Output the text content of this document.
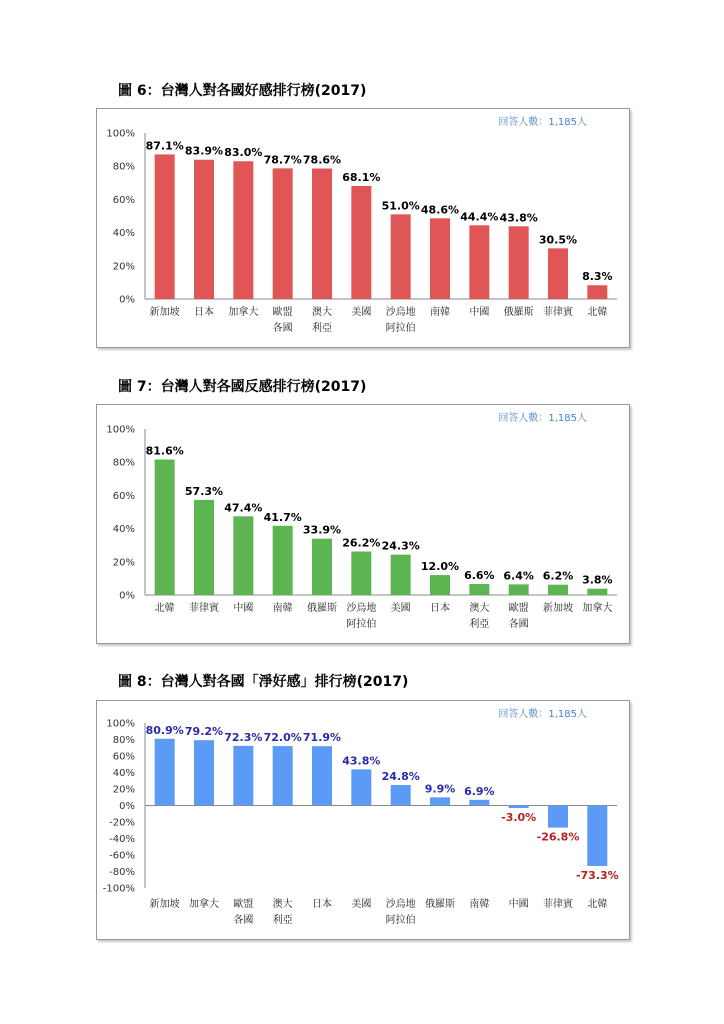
圖 6：台灣人對各國好感排行榜(2017)
回答人數：1,185人
100%
80%
60%
40%
20%
0%
87.1%
新加坡
83.9%
日本
83.0%
加拿大
78.7%
歐盟
各國
78.6%
澳大
利亞
68.1%
美國
51.0%
沙烏地
阿拉伯
48.6%
南韓
44.4%
中國
43.8%
俄羅斯
30.5%
菲律賓
8.3%
北韓
圖 7：台灣人對各國反感排行榜(2017)
回答人數：1,185人
100%
80%
60%
40%
20%
0%
81.6%
北韓
57.3%
菲律賓
47.4%
中國
41.7%
南韓
33.9%
俄羅斯
26.2%
沙烏地
阿拉伯
24.3%
美國
12.0%
日本
6.6%
澳大
利亞
6.4%
歐盟
各國
6.2%
新加坡
3.8%
加拿大
圖 8：台灣人對各國「淨好感」排行榜(2017)
回答人數：1,185人
100%
80%
60%
40%
20%
0%
-20%
-40%
-60%
-80%
-100%
80.9%
新加坡
79.2%
加拿大
72.3%
歐盟
各國
72.0%
澳大
利亞
71.9%
日本
43.8%
美國
24.8%
沙烏地
阿拉伯
9.9%
俄羅斯
6.9%
南韓
-3.0%
中國
-26.8%
菲律賓
-73.3%
北韓
